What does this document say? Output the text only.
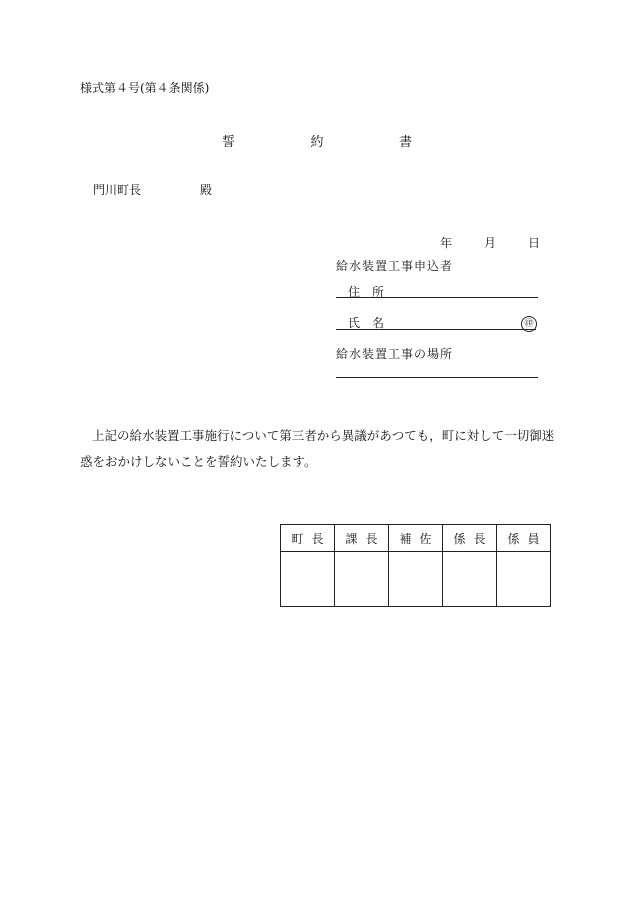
様式第４号(第４条関係)
誓	約	書
門川町長	殿
年	月	日
給水装置工事申込者
住　所
氏　名	㊞
給水装置工事の場所
上記の給水装置工事施行について第三者から異議があつても，町に対して一切御迷惑をおかけしないことを誓約いたします。
町 長	課 長	補 佐	係 長	係 員
